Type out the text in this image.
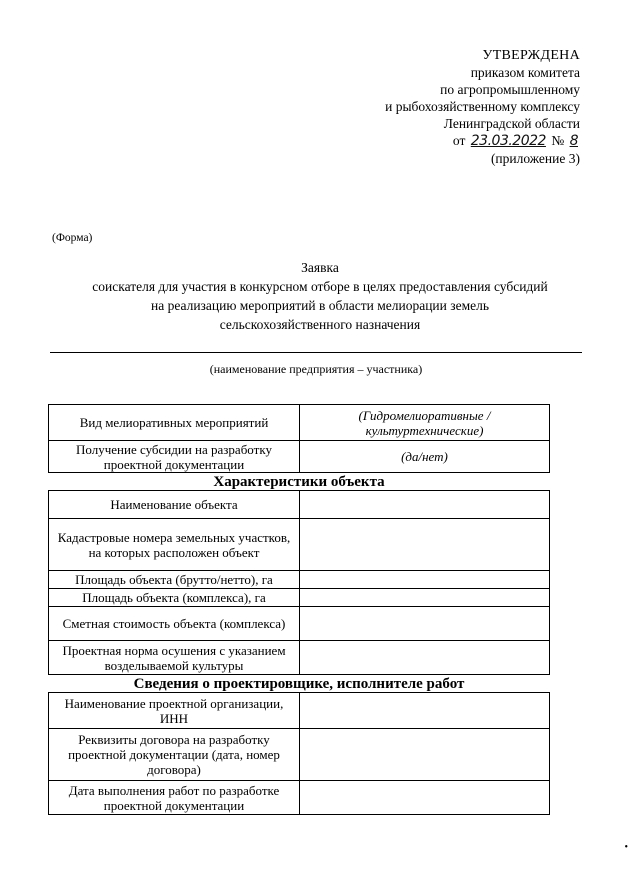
УТВЕРЖДЕНА
приказом комитета
по агропромышленному
и рыбохозяйственному комплексу
Ленинградской области
от 23.03.2022 № 8
(приложение 3)
(Форма)
Заявка
соискателя для участия в конкурсном отборе в целях предоставления субсидий
на реализацию мероприятий в области мелиорации земель
сельскохозяйственного назначения
(наименование предприятия – участника)
Вид мелиоративных мероприятий	(Гидромелиоративные / культуртехнические)
Получение субсидии на разработку проектной документации	(да/нет)
Характеристики объекта	
Наименование объекта	
Кадастровые номера земельных участков, на которых расположен объект	
Площадь объекта (брутто/нетто), га	
Площадь объекта (комплекса), га	
Сметная стоимость объекта (комплекса)	
Проектная норма осушения с указанием возделываемой культуры	
Сведения о проектировщике, исполнителе работ	
Наименование проектной организации, ИНН	
Реквизиты договора на разработку проектной документации (дата, номер договора)	
Дата выполнения работ по разработке проектной документации	
•
